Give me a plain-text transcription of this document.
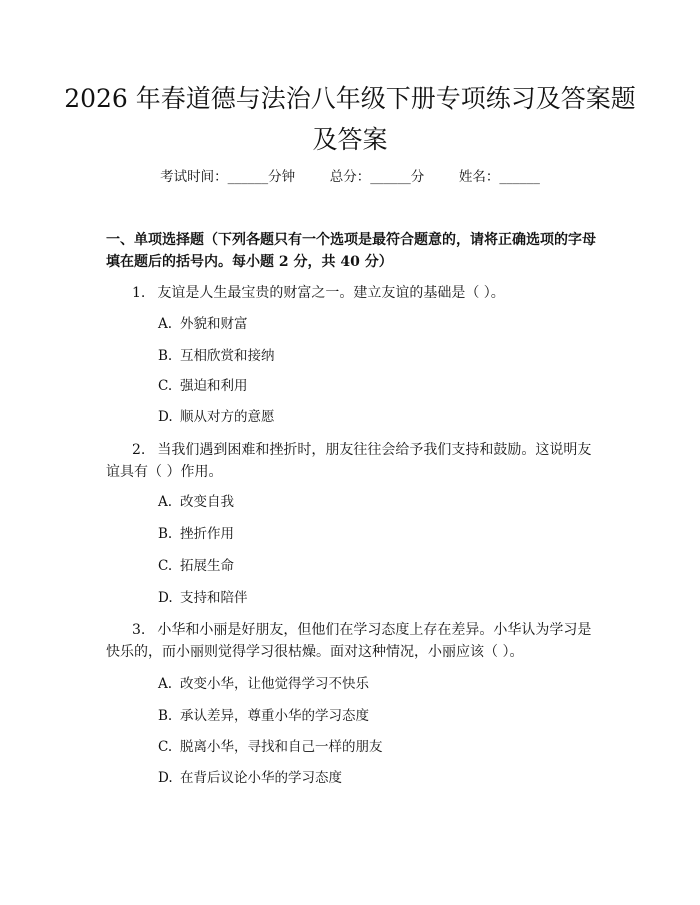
2026 年春道德与法治八年级下册专项练习及答案题及答案
考试时间：______分钟	总分：______分	姓名：______
一、单项选择题（下列各题只有一个选项是最符合题意的，请将正确选项的字母填在题后的括号内。每小题 2 分，共 40 分）

1. 友谊是人生最宝贵的财富之一。建立友谊的基础是（ ）。

A. 外貌和财富

B. 互相欣赏和接纳

C. 强迫和利用

D. 顺从对方的意愿

2. 当我们遇到困难和挫折时，朋友往往会给予我们支持和鼓励。这说明友谊具有（ ）作用。

A. 改变自我

B. 挫折作用

C. 拓展生命

D. 支持和陪伴

3. 小华和小丽是好朋友，但他们在学习态度上存在差异。小华认为学习是快乐的，而小丽则觉得学习很枯燥。面对这种情况，小丽应该（ ）。

A. 改变小华，让他觉得学习不快乐

B. 承认差异，尊重小华的学习态度

C. 脱离小华，寻找和自己一样的朋友

D. 在背后议论小华的学习态度
